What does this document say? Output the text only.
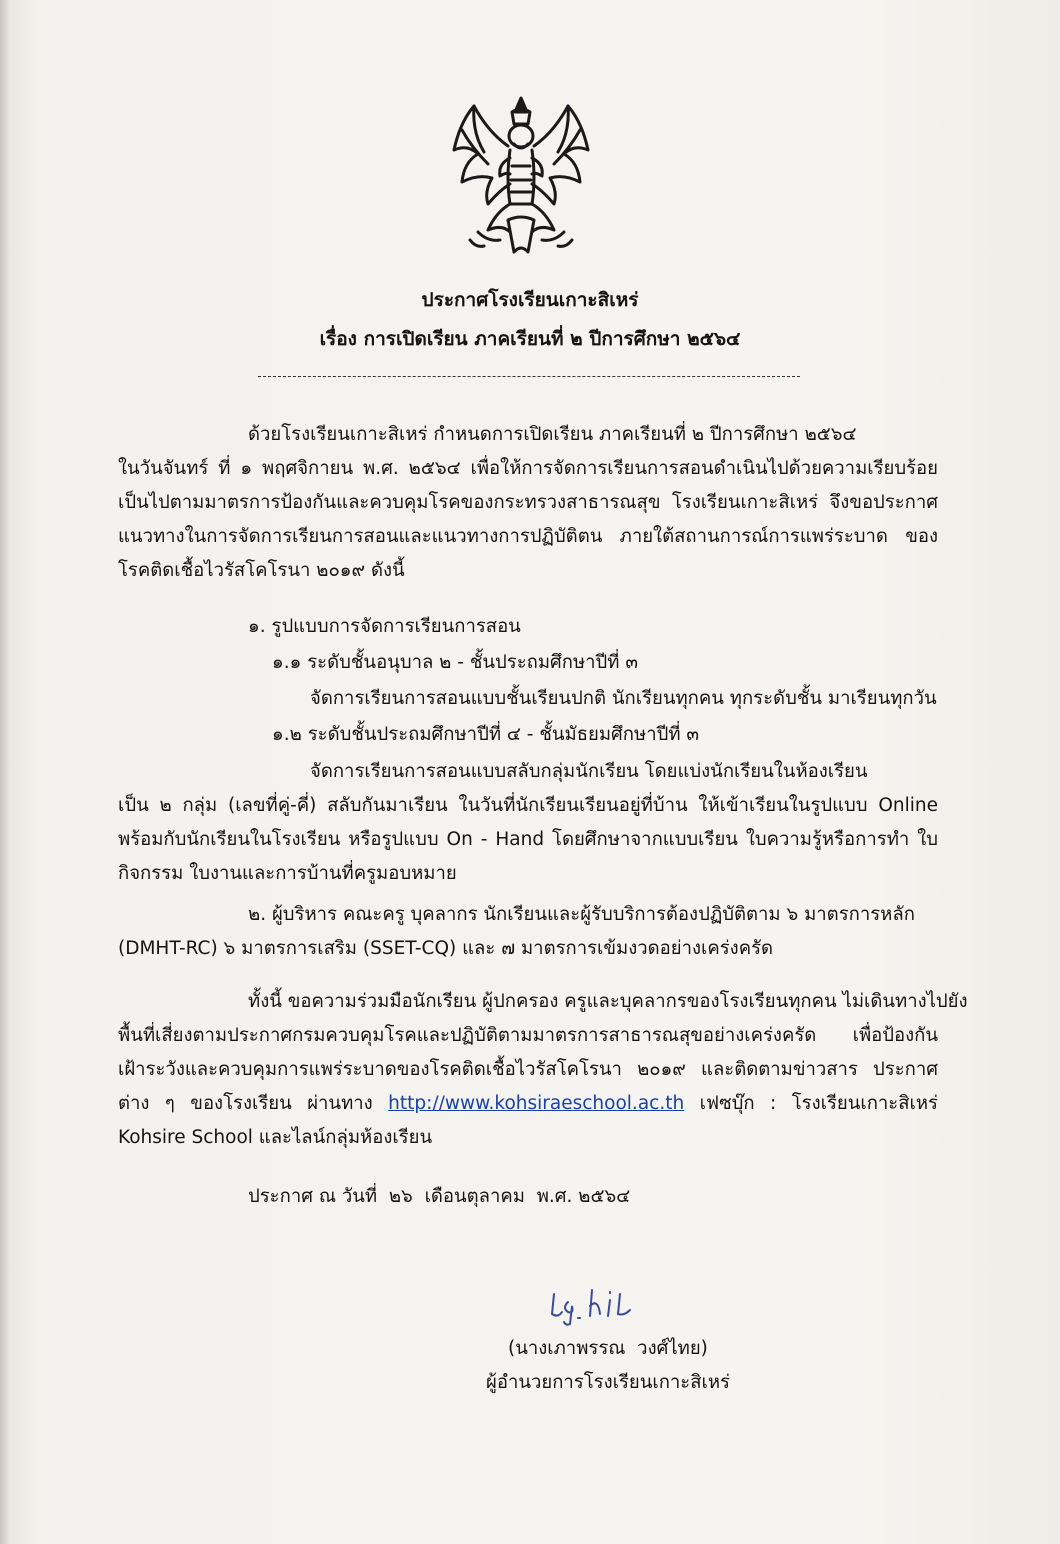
ประกาศโรงเรียนเกาะสิเหร่

เรื่อง การเปิดเรียน ภาคเรียนที่ ๒ ปีการศึกษา ๒๕๖๔

ด้วยโรงเรียนเกาะสิเหร่ กำหนดการเปิดเรียน ภาคเรียนที่ ๒ ปีการศึกษา ๒๕๖๔

ในวันจันทร์ ที่ ๑ พฤศจิกายน พ.ศ. ๒๕๖๔ เพื่อให้การจัดการเรียนการสอนดำเนินไปด้วยความเรียบร้อย เป็นไปตามมาตรการป้องกันและควบคุมโรคของกระทรวงสาธารณสุข โรงเรียนเกาะสิเหร่ จึงขอประกาศ แนวทางในการจัดการเรียนการสอนและแนวทางการปฏิบัติตน ภายใต้สถานการณ์การแพร่ระบาด ของโรคติดเชื้อไวรัสโคโรนา ๒๐๑๙ ดังนี้

๑. รูปแบบการจัดการเรียนการสอน

๑.๑ ระดับชั้นอนุบาล ๒ - ชั้นประถมศึกษาปีที่ ๓

จัดการเรียนการสอนแบบชั้นเรียนปกติ นักเรียนทุกคน ทุกระดับชั้น มาเรียนทุกวัน

๑.๒ ระดับชั้นประถมศึกษาปีที่ ๔ - ชั้นมัธยมศึกษาปีที่ ๓

จัดการเรียนการสอนแบบสลับกลุ่มนักเรียน โดยแบ่งนักเรียนในห้องเรียน

เป็น ๒ กลุ่ม (เลขที่คู่-คี่) สลับกันมาเรียน ในวันที่นักเรียนเรียนอยู่ที่บ้าน ให้เข้าเรียนในรูปแบบ Online พร้อมกับนักเรียนในโรงเรียน หรือรูปแบบ On - Hand โดยศึกษาจากแบบเรียน ใบความรู้หรือการทำ ใบกิจกรรม ใบงานและการบ้านที่ครูมอบหมาย

๒. ผู้บริหาร คณะครู บุคลากร นักเรียนและผู้รับบริการต้องปฏิบัติตาม ๖ มาตรการหลัก

(DMHT-RC) ๖ มาตรการเสริม (SSET-CQ) และ ๗ มาตรการเข้มงวดอย่างเคร่งครัด

ทั้งนี้ ขอความร่วมมือนักเรียน ผู้ปกครอง ครูและบุคลากรของโรงเรียนทุกคน ไม่เดินทางไปยัง

พื้นที่เสี่ยงตามประกาศกรมควบคุมโรคและปฏิบัติตามมาตรการสาธารณสุขอย่างเคร่งครัด เพื่อป้องกัน เฝ้าระวังและควบคุมการแพร่ระบาดของโรคติดเชื้อไวรัสโคโรนา ๒๐๑๙ และติดตามข่าวสาร ประกาศต่าง ๆ ของโรงเรียน ผ่านทาง http://www.kohsiraeschool.ac.th เฟซบุ๊ก : โรงเรียนเกาะสิเหร่ Kohsire School และไลน์กลุ่มห้องเรียน

ประกาศ ณ วันที่  ๒๖  เดือนตุลาคม  พ.ศ. ๒๕๖๔

(นางเภาพรรณ  วงศ์ไทย)

ผู้อำนวยการโรงเรียนเกาะสิเหร่
